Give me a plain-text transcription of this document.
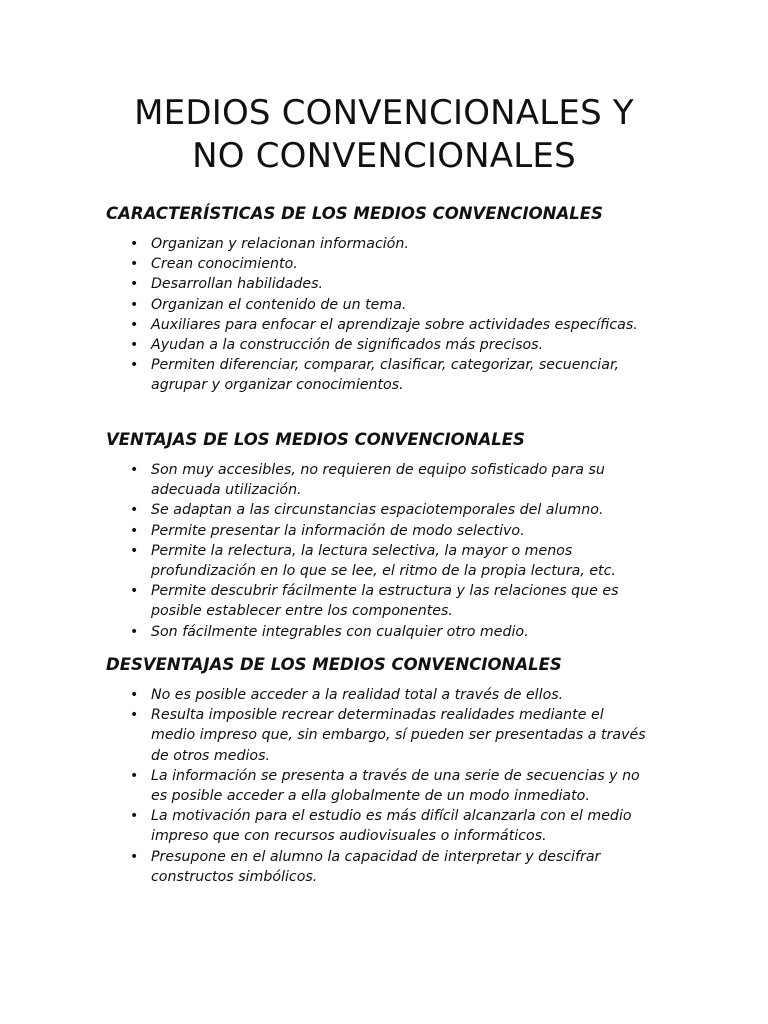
MEDIOS CONVENCIONALES Y
NO CONVENCIONALES
CARACTERÍSTICAS DE LOS MEDIOS CONVENCIONALES
• Organizan y relacionan información.
• Crean conocimiento.
• Desarrollan habilidades.
• Organizan el contenido de un tema.
• Auxiliares para enfocar el aprendizaje sobre actividades específicas.
• Ayudan a la construcción de significados más precisos.
• Permiten diferenciar, comparar, clasificar, categorizar, secuenciar, agrupar y organizar conocimientos.
VENTAJAS DE LOS MEDIOS CONVENCIONALES
• Son muy accesibles, no requieren de equipo sofisticado para su adecuada utilización.
• Se adaptan a las circunstancias espaciotemporales del alumno.
• Permite presentar la información de modo selectivo.
• Permite la relectura, la lectura selectiva, la mayor o menos profundización en lo que se lee, el ritmo de la propia lectura, etc.
• Permite descubrir fácilmente la estructura y las relaciones que es posible establecer entre los componentes.
• Son fácilmente integrables con cualquier otro medio.
DESVENTAJAS DE LOS MEDIOS CONVENCIONALES
• No es posible acceder a la realidad total a través de ellos.
• Resulta imposible recrear determinadas realidades mediante el medio impreso que, sin embargo, sí pueden ser presentadas a través de otros medios.
• La información se presenta a través de una serie de secuencias y no es posible acceder a ella globalmente de un modo inmediato.
• La motivación para el estudio es más difícil alcanzarla con el medio impreso que con recursos audiovisuales o informáticos.
• Presupone en el alumno la capacidad de interpretar y descifrar constructos simbólicos.
